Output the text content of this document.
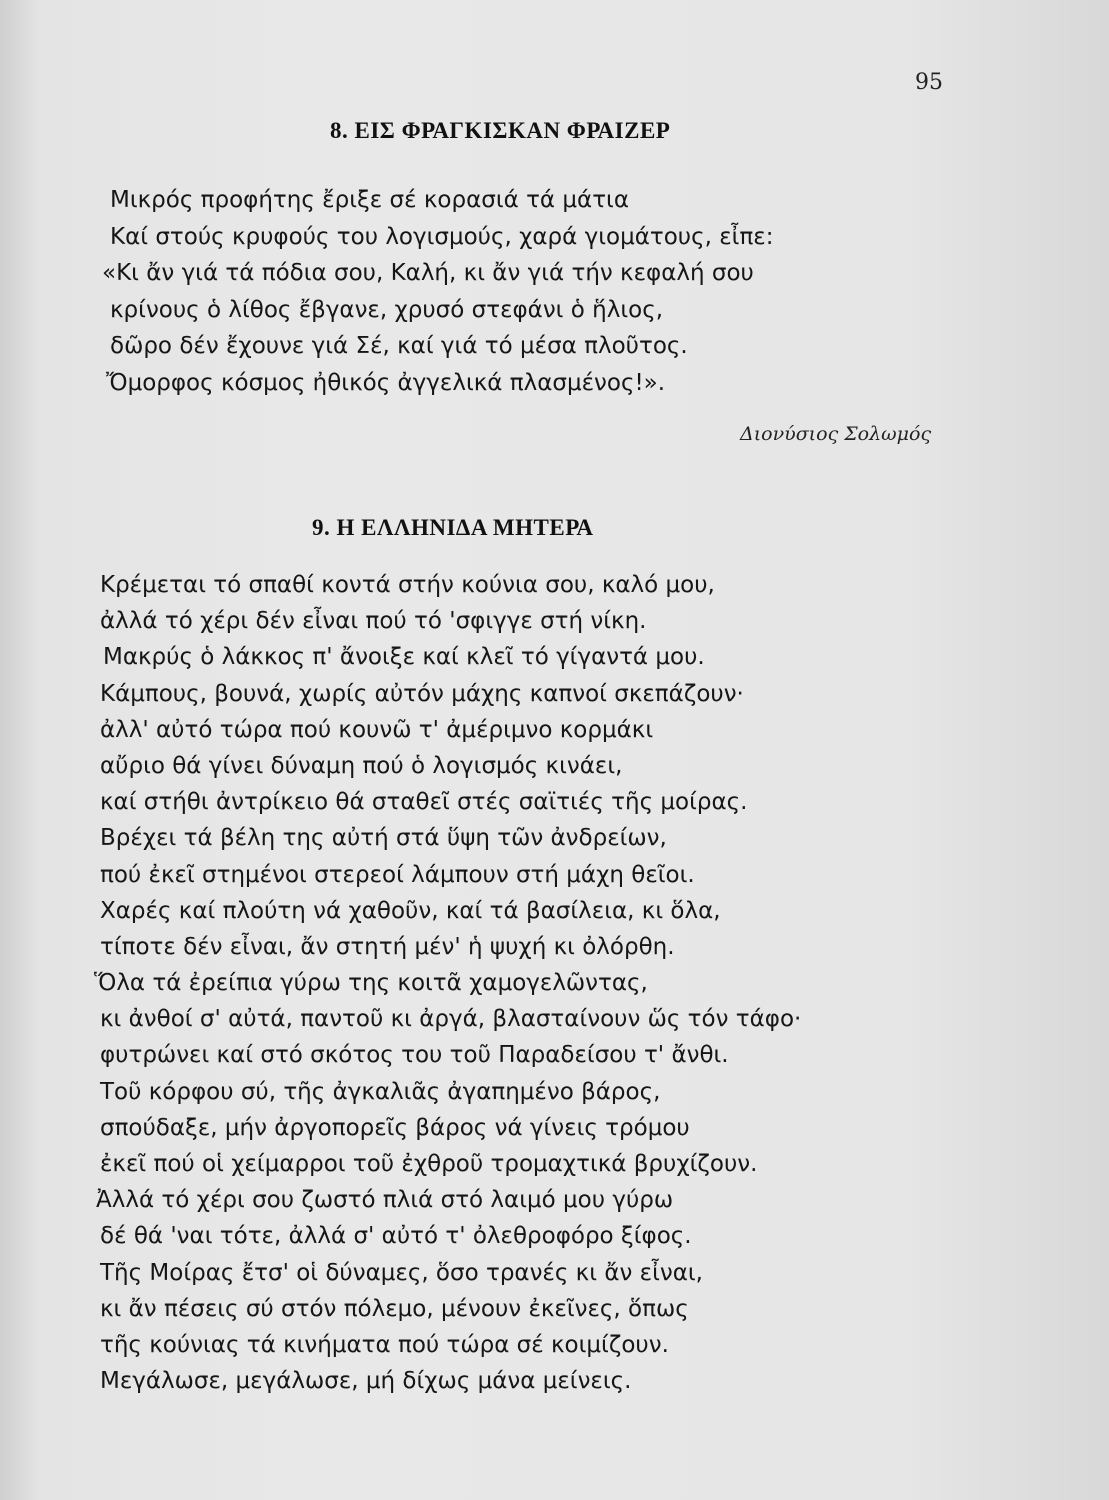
95
8. ΕΙΣ ΦΡΑΓΚΙΣΚΑΝ ΦΡΑΙΖΕΡ
Μικρός προφήτης ἔριξε σέ κορασιά τά μάτια
Καί στούς κρυφούς του λογισμούς, χαρά γιομάτους, εἶπε:
«Κι ἄν γιά τά πόδια σου, Καλή, κι ἄν γιά τήν κεφαλή σου
κρίνους ὁ λίθος ἔβγανε, χρυσό στεφάνι ὁ ἥλιος,
δῶρο δέν ἔχουνε γιά Σέ, καί γιά τό μέσα πλοῦτος.
Ὄμορφος κόσμος ἠθικός ἀγγελικά πλασμένος!».
Διονύσιος Σολωμός
9. Η ΕΛΛΗΝΙΔΑ ΜΗΤΕΡΑ
Κρέμεται τό σπαθί κοντά στήν κούνια σου, καλό μου,
ἀλλά τό χέρι δέν εἶναι πού τό 'σφιγγε στή νίκη.
Μακρύς ὁ λάκκος π' ἄνοιξε καί κλεῖ τό γίγαντά μου.
Κάμπους, βουνά, χωρίς αὐτόν μάχης καπνοί σκεπάζουν·
ἀλλ' αὐτό τώρα πού κουνῶ τ' ἀμέριμνο κορμάκι
αὔριο θά γίνει δύναμη πού ὁ λογισμός κινάει,
καί στήθι ἀντρίκειο θά σταθεῖ στές σαϊτιές τῆς μοίρας.
Βρέχει τά βέλη της αὐτή στά ὕψη τῶν ἀνδρείων,
πού ἐκεῖ στημένοι στερεοί λάμπουν στή μάχη θεῖοι.
Χαρές καί πλούτη νά χαθοῦν, καί τά βασίλεια, κι ὅλα,
τίποτε δέν εἶναι, ἄν στητή μέν' ἡ ψυχή κι ὀλόρθη.
Ὅλα τά ἐρείπια γύρω της κοιτᾶ χαμογελῶντας,
κι ἀνθοί σ' αὐτά, παντοῦ κι ἀργά, βλασταίνουν ὥς τόν τάφο·
φυτρώνει καί στό σκότος του τοῦ Παραδείσου τ' ἄνθι.
Τοῦ κόρφου σύ, τῆς ἀγκαλιᾶς ἀγαπημένο βάρος,
σπούδαξε, μήν ἀργοπορεῖς βάρος νά γίνεις τρόμου
ἐκεῖ πού οἱ χείμαρροι τοῦ ἐχθροῦ τρομαχτικά βρυχίζουν.
Ἀλλά τό χέρι σου ζωστό πλιά στό λαιμό μου γύρω
δέ θά 'ναι τότε, ἀλλά σ' αὐτό τ' ὀλεθροφόρο ξίφος.
Τῆς Μοίρας ἔτσ' οἱ δύναμες, ὅσο τρανές κι ἄν εἶναι,
κι ἄν πέσεις σύ στόν πόλεμο, μένουν ἐκεῖνες, ὅπως
τῆς κούνιας τά κινήματα πού τώρα σέ κοιμίζουν.
Μεγάλωσε, μεγάλωσε, μή δίχως μάνα μείνεις.
